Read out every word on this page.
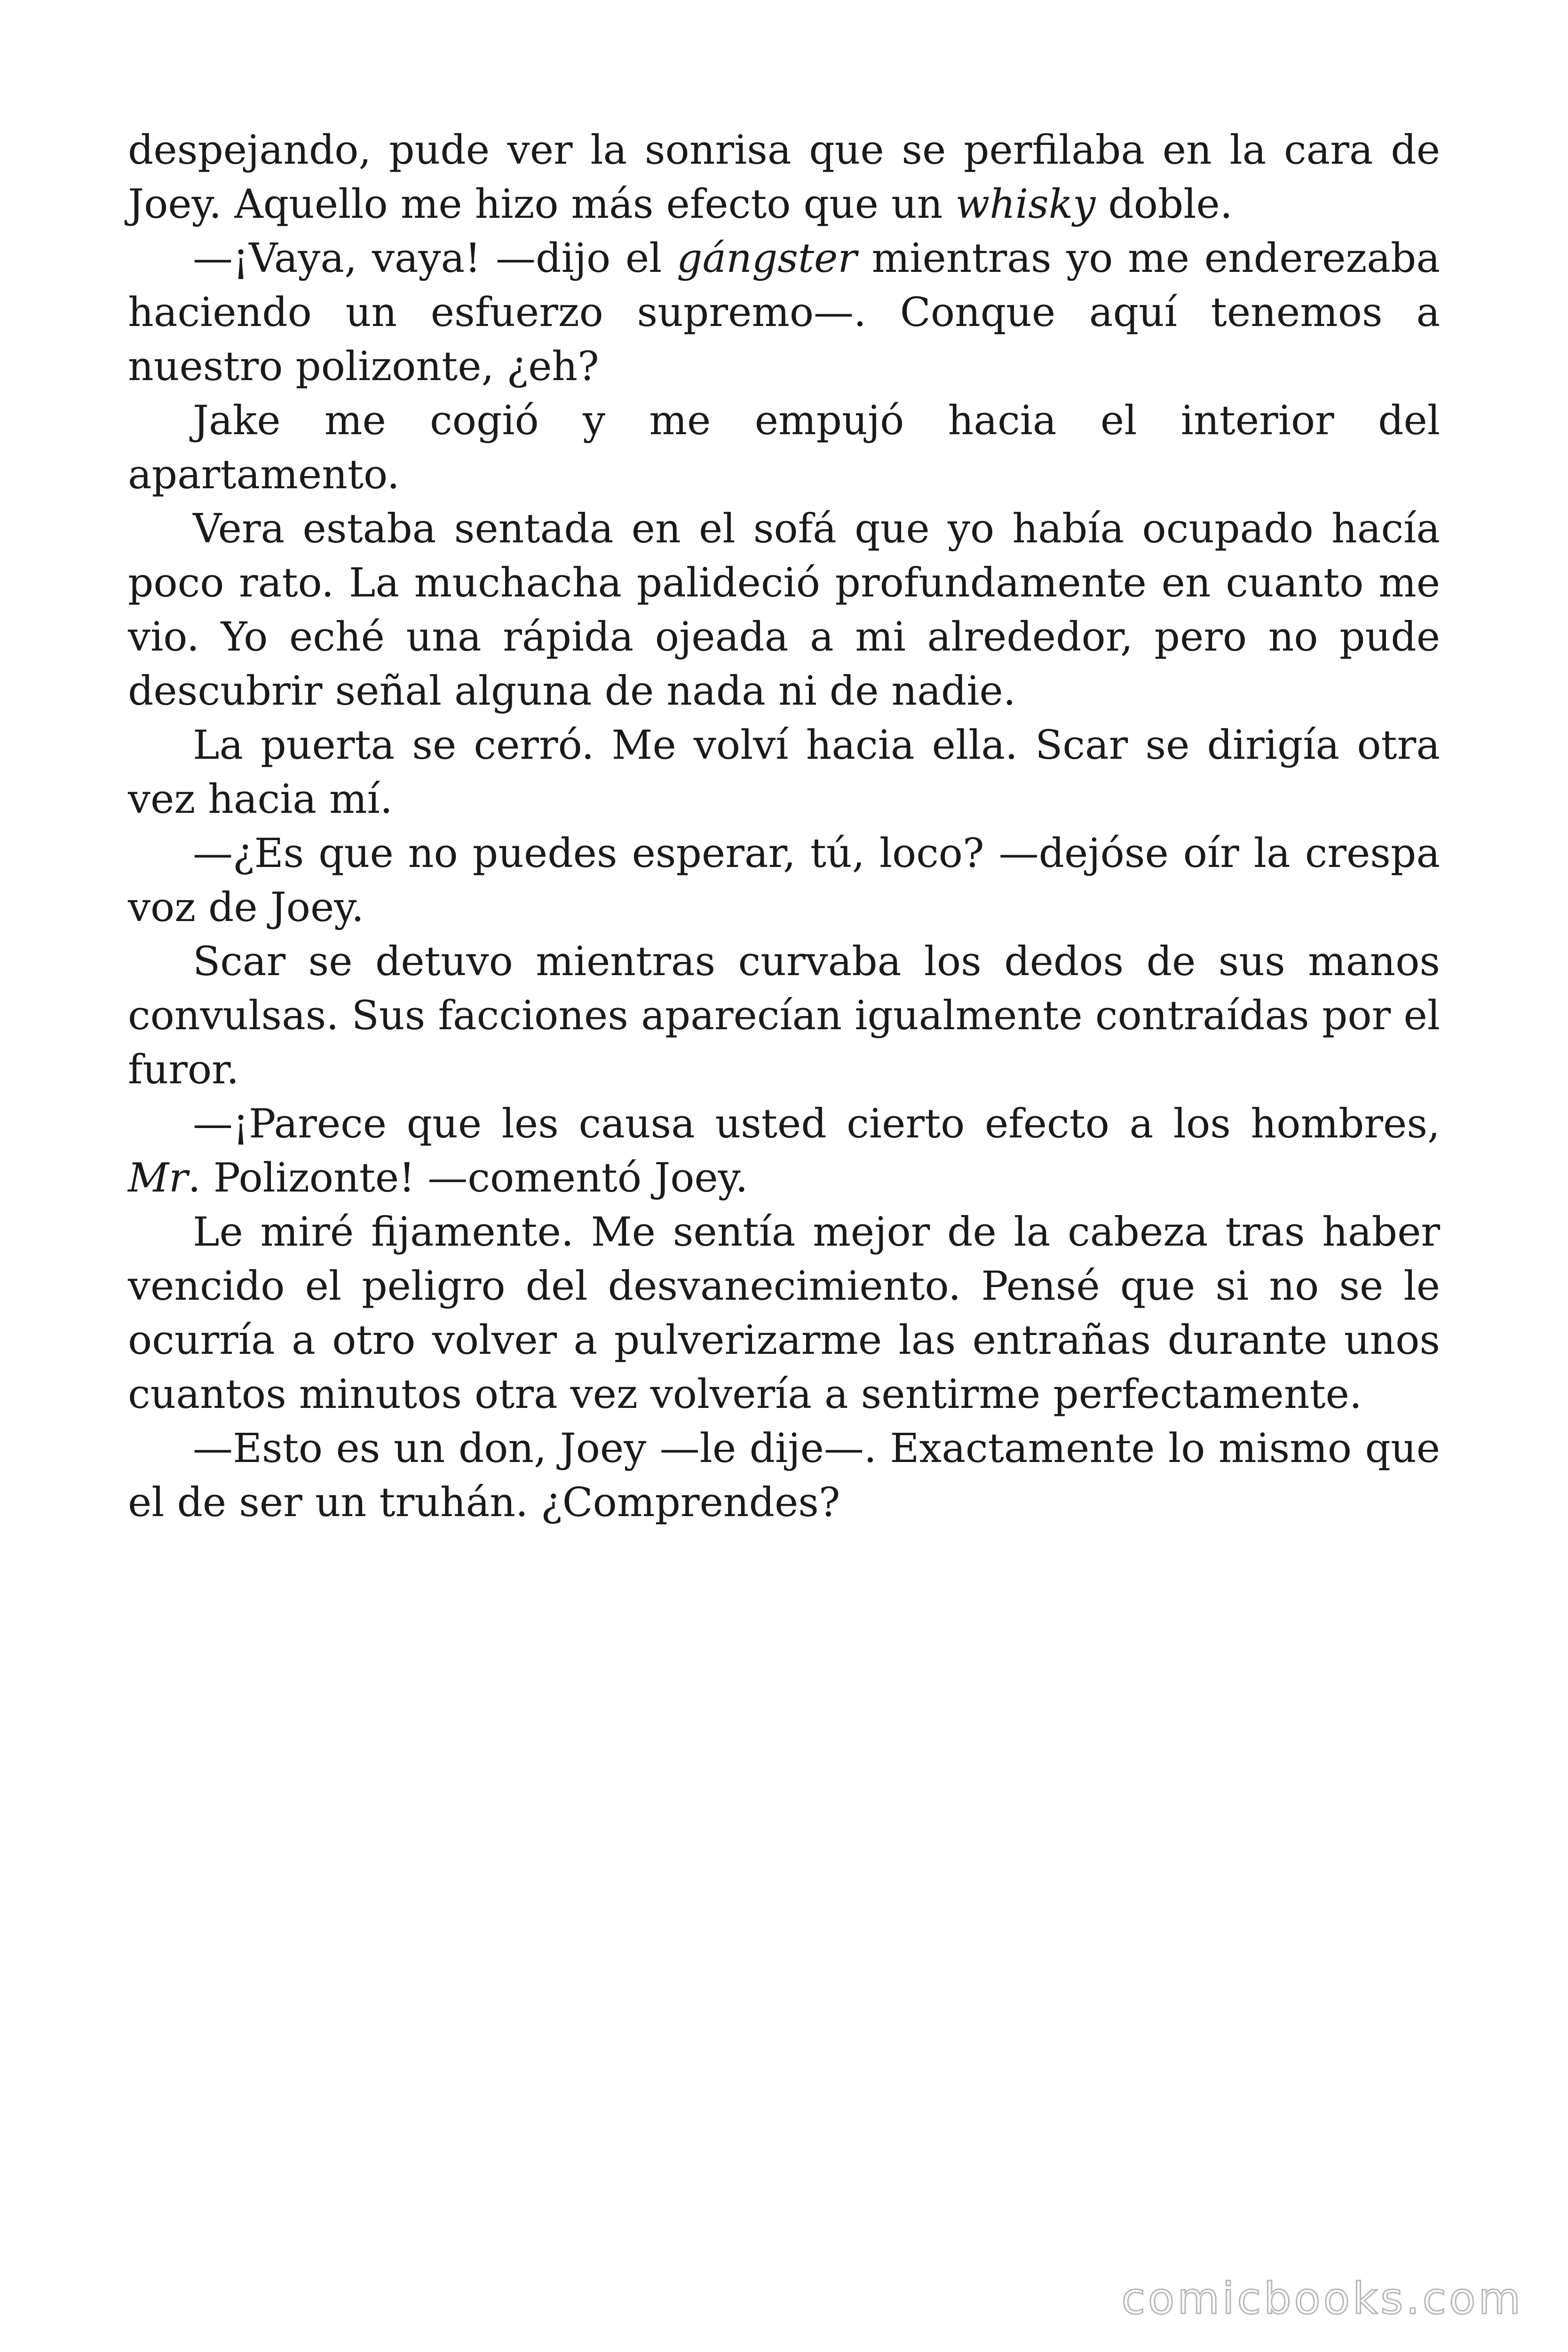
despejando, pude ver la sonrisa que se perfilaba en la cara de Joey. Aquello me hizo más efecto que un whisky doble.

—¡Vaya, vaya! —dijo el gángster mientras yo me enderezaba haciendo un esfuerzo supremo—. Conque aquí tenemos a nuestro polizonte, ¿eh?

Jake me cogió y me empujó hacia el interior del apartamento.

Vera estaba sentada en el sofá que yo había ocupado hacía poco rato. La muchacha palideció profundamente en cuanto me vio. Yo eché una rápida ojeada a mi alrededor, pero no pude descubrir señal alguna de nada ni de nadie.

La puerta se cerró. Me volví hacia ella. Scar se dirigía otra vez hacia mí.

—¿Es que no puedes esperar, tú, loco? —dejóse oír la crespa voz de Joey.

Scar se detuvo mientras curvaba los dedos de sus manos convulsas. Sus facciones aparecían igualmente contraídas por el furor.

—¡Parece que les causa usted cierto efecto a los hombres, Mr. Polizonte! —comentó Joey.

Le miré fijamente. Me sentía mejor de la cabeza tras haber vencido el peligro del desvanecimiento. Pensé que si no se le ocurría a otro volver a pulverizarme las entrañas durante unos cuantos minutos otra vez volvería a sentirme perfectamente.

—Esto es un don, Joey —le dije—. Exactamente lo mismo que el de ser un truhán. ¿Comprendes?

comicbooks.com
